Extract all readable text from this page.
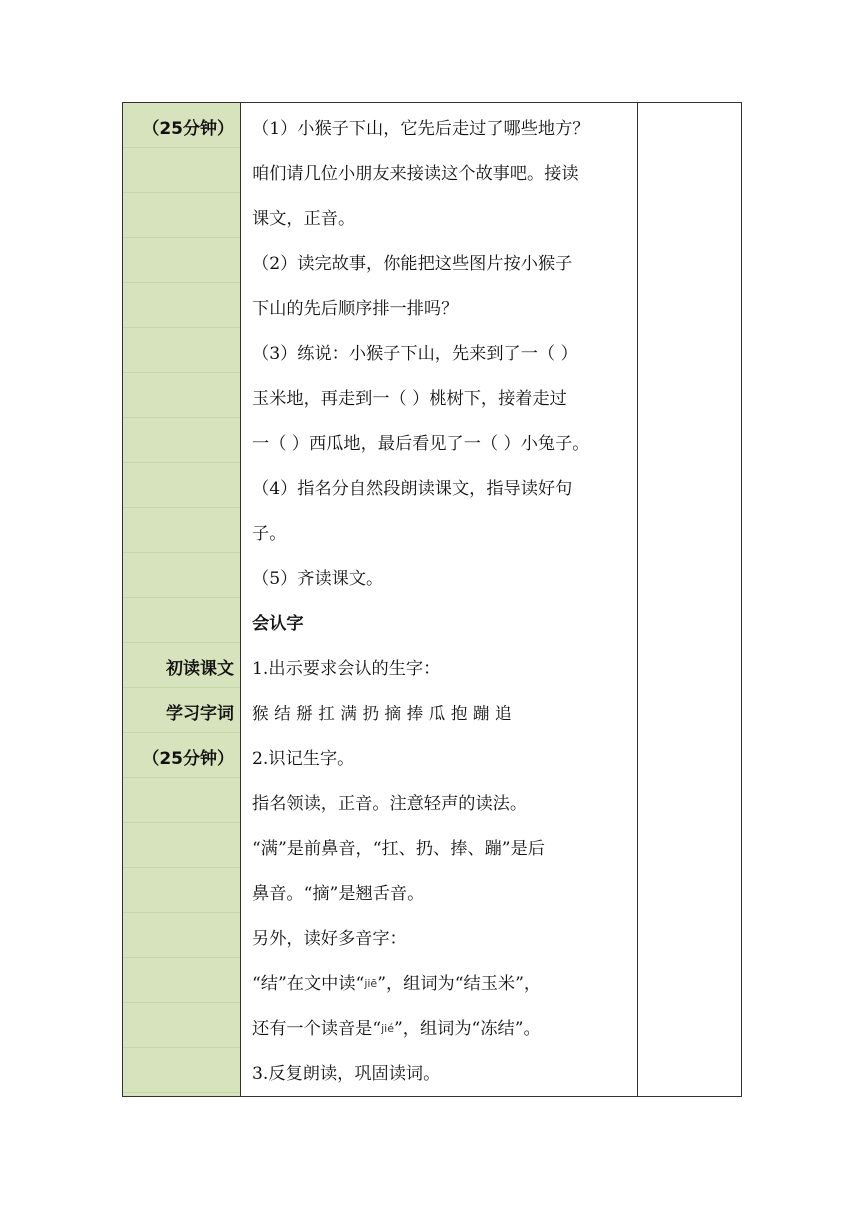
（25分钟）
初读课文
学习字词
（25分钟）
（1）小猴子下山，它先后走过了哪些地方？
咱们请几位小朋友来接读这个故事吧。接读
课文，正音。
（2）读完故事，你能把这些图片按小猴子
下山的先后顺序排一排吗？
（3）练说：小猴子下山，先来到了一（ ）
玉米地，再走到一（ ）桃树下，接着走过
一（ ）西瓜地，最后看见了一（ ）小兔子。
（4）指名分自然段朗读课文，指导读好句
子。
（5）齐读课文。
会认字
1.出示要求会认的生字：
猴结掰扛满扔摘捧瓜抱蹦追
2.识记生字。
指名领读，正音。注意轻声的读法。
“满”是前鼻音，“扛、扔、捧、蹦”是后
鼻音。“摘”是翘舌音。
另外，读好多音字：
“结”在文中读“jiē”，组词为“结玉米”，
还有一个读音是“jié”，组词为“冻结”。
3.反复朗读，巩固读词。
